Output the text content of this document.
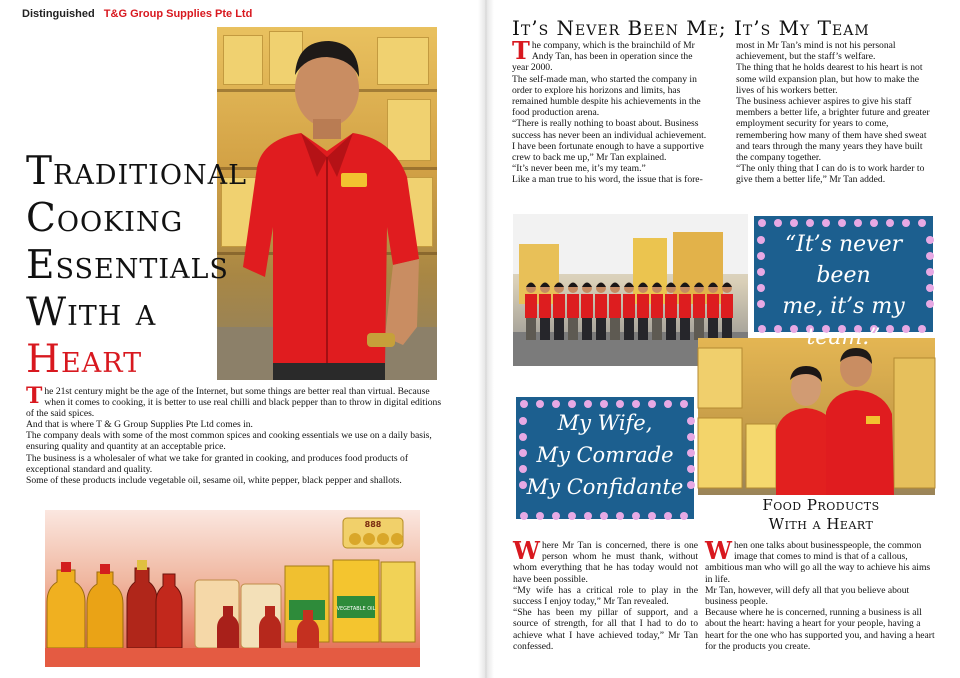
Distinguished T&G Group Supplies Pte Ltd
Traditional
Cooking
Essentials
With a
Heart

The 21st century might be the age of the Internet, but some things are better real than virtual. Because when it comes to cooking, it is better to use real chilli and black pepper than to throw in digital editions of the said spices.

And that is where T & G Group Supplies Pte Ltd comes in.

The company deals with some of the most common spices and cooking essentials we use on a daily basis, ensuring quality and quantity at an acceptable price.

The business is a wholesaler of what we take for granted in cooking, and produces food products of exceptional standard and quality.

Some of these products include vegetable oil, sesame oil, white pepper, black pepper and shallots.

888
VEGETABLE OIL
It’s Never Been Me; It’s My Team

The company, which is the brainchild of Mr Andy Tan, has been in operation since the year 2000.

The self-made man, who started the company in order to explore his horizons and limits, has remained humble despite his achievements in the food production arena.

“There is really nothing to boast about. Business success has never been an individual achievement. I have been fortunate enough to have a supportive crew to back me up,” Mr Tan explained.

“It’s never been me, it’s my team.”

Like a man true to his word, the issue that is fore-

most in Mr Tan’s mind is not his personal achievement, but the staff’s welfare.

The thing that he holds dearest to his heart is not some wild expansion plan, but how to make the lives of his workers better.

The business achiever aspires to give his staff members a better life, a brighter future and greater employment security for years to come, remembering how many of them have shed sweat and tears through the many years they have built the company together.

“The only thing that I can do is to work harder to give them a better life,” Mr Tan added.

“It’s never been
me, it’s my
team.”
My Wife,
My Comrade
My Confidante
Food Products
With a Heart

Where Mr Tan is concerned, there is one person whom he must thank, without whom everything that he has today would not have been possible.

“My wife has a critical role to play in the success I enjoy today,” Mr Tan revealed.

“She has been my pillar of support, and a source of strength, for all that I had to do to achieve what I have achieved today,” Mr Tan confessed.

When one talks about businesspeople, the common image that comes to mind is that of a callous, ambitious man who will go all the way to achieve his aims in life.

Mr Tan, however, will defy all that you believe about business people.

Because where he is concerned, running a business is all about the heart: having a heart for your people, having a heart for the one who has supported you, and having a heart for the products you create.
